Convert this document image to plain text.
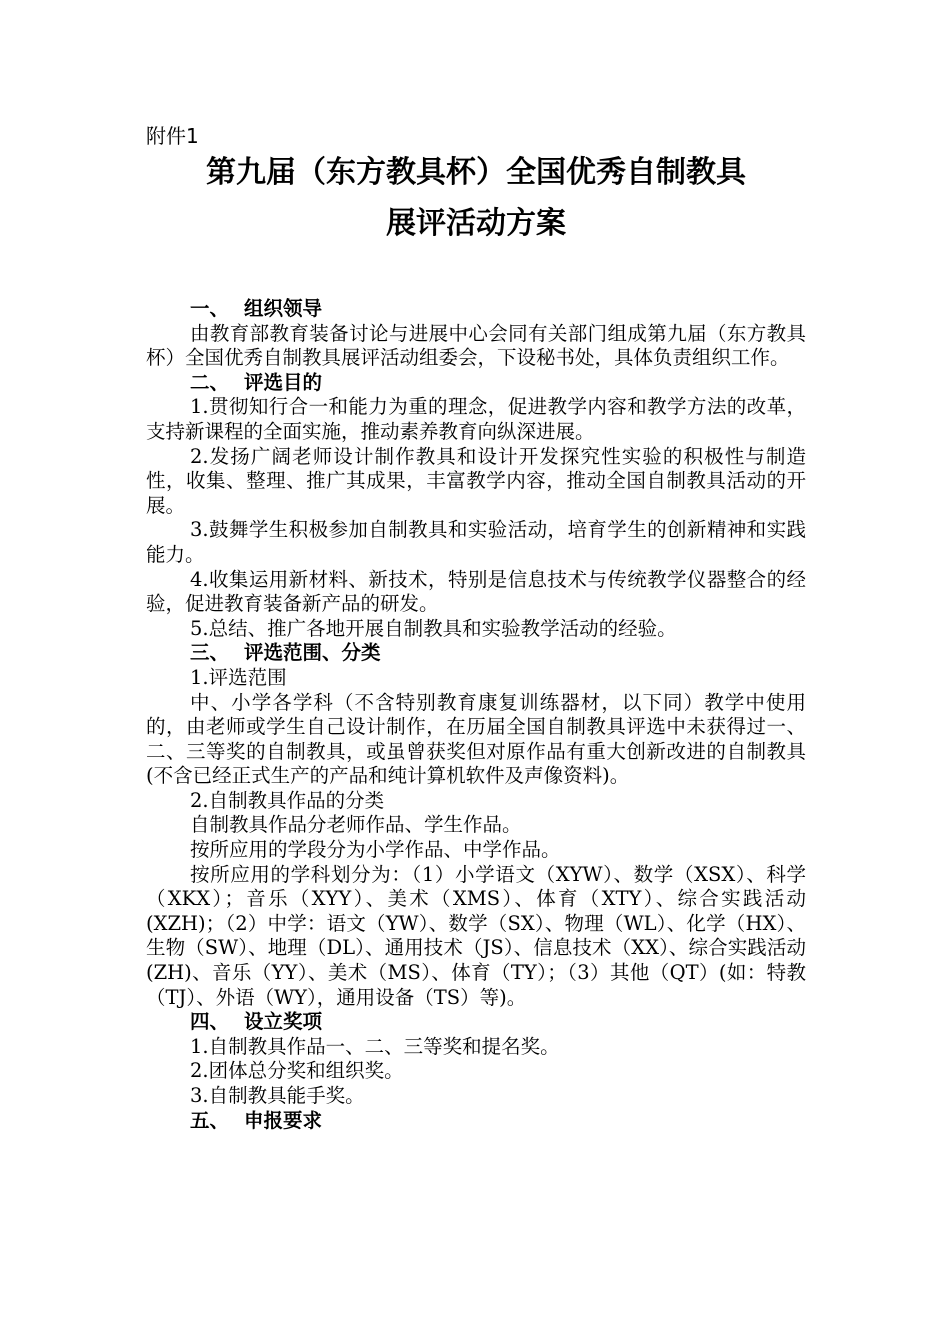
附件1
第九届（东方教具杯）全国优秀自制教具
展评活动方案

一、 组织领导

由教育部教育装备讨论与进展中心会同有关部门组成第九届（东方教具杯）全国优秀自制教具展评活动组委会，下设秘书处，具体负责组织工作。

二、 评选目的

1.贯彻知行合一和能力为重的理念，促进教学内容和教学方法的改革，支持新课程的全面实施，推动素养教育向纵深进展。

2.发扬广阔老师设计制作教具和设计开发探究性实验的积极性与制造性，收集、整理、推广其成果，丰富教学内容，推动全国自制教具活动的开展。

3.鼓舞学生积极参加自制教具和实验活动，培育学生的创新精神和实践能力。

4.收集运用新材料、新技术，特别是信息技术与传统教学仪器整合的经验，促进教育装备新产品的研发。

5.总结、推广各地开展自制教具和实验教学活动的经验。

三、 评选范围、分类

1.评选范围

中、小学各学科（不含特别教育康复训练器材，以下同）教学中使用的，由老师或学生自己设计制作，在历届全国自制教具评选中未获得过一、二、三等奖的自制教具，或虽曾获奖但对原作品有重大创新改进的自制教具(不含已经正式生产的产品和纯计算机软件及声像资料)。

2.自制教具作品的分类

自制教具作品分老师作品、学生作品。

按所应用的学段分为小学作品、中学作品。

按所应用的学科划分为：（1）小学语文（XYW）、数学（XSX）、科学（XKX）；音乐（XYY）、美术（XMS）、体育（XTY）、综合实践活动(XZH)；（2）中学：语文（YW）、数学（SX）、物理（WL）、化学（HX）、生物（SW）、地理（DL）、通用技术（JS）、信息技术（XX）、综合实践活动(ZH)、音乐（YY）、美术（MS）、体育（TY）；（3）其他（QT）(如：特教（TJ）、外语（WY），通用设备（TS）等)。

四、 设立奖项

1.自制教具作品一、二、三等奖和提名奖。

2.团体总分奖和组织奖。

3.自制教具能手奖。

五、 申报要求
